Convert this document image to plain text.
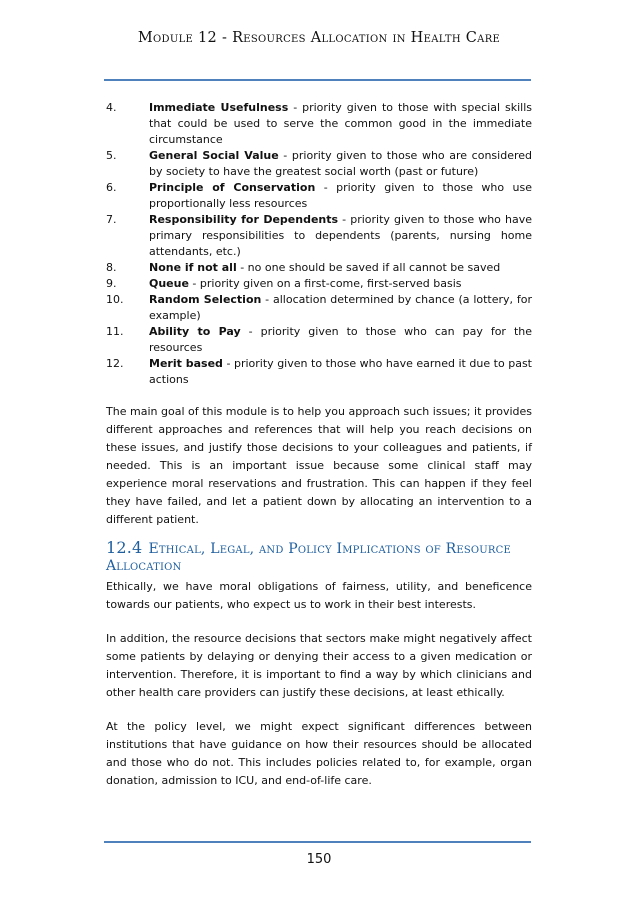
Module 12 - Resources Allocation in Health Care
4.	Immediate Usefulness - priority given to those with special skills that could be used to serve the common good in the immediate circumstance
5.	General Social Value - priority given to those who are considered by society to have the greatest social worth (past or future)
6.	Principle of Conservation - priority given to those who use proportionally less resources
7.	Responsibility for Dependents - priority given to those who have primary responsibilities to dependents (parents, nursing home attendants, etc.)
8.	None if not all - no one should be saved if all cannot be saved
9.	Queue - priority given on a first-come, first-served basis
10. Random Selection - allocation determined by chance (a lottery, for example)
11. Ability to Pay - priority given to those who can pay for the resources
12. Merit based - priority given to those who have earned it due to past actions

The main goal of this module is to help you approach such issues; it provides different approaches and references that will help you reach decisions on these issues, and justify those decisions to your colleagues and patients, if needed. This is an important issue because some clinical staff may experience moral reservations and frustration. This can happen if they feel they have failed, and let a patient down by allocating an intervention to a different patient.

12.4 Ethical, Legal, and Policy Implications of Resource Allocation

Ethically, we have moral obligations of fairness, utility, and beneficence towards our patients, who expect us to work in their best interests.

In addition, the resource decisions that sectors make might negatively affect some patients by delaying or denying their access to a given medication or intervention. Therefore, it is important to find a way by which clinicians and other health care providers can justify these decisions, at least ethically.

At the policy level, we might expect significant differences between institutions that have guidance on how their resources should be allocated and those who do not. This includes policies related to, for example, organ donation, admission to ICU, and end-of-life care.

150
